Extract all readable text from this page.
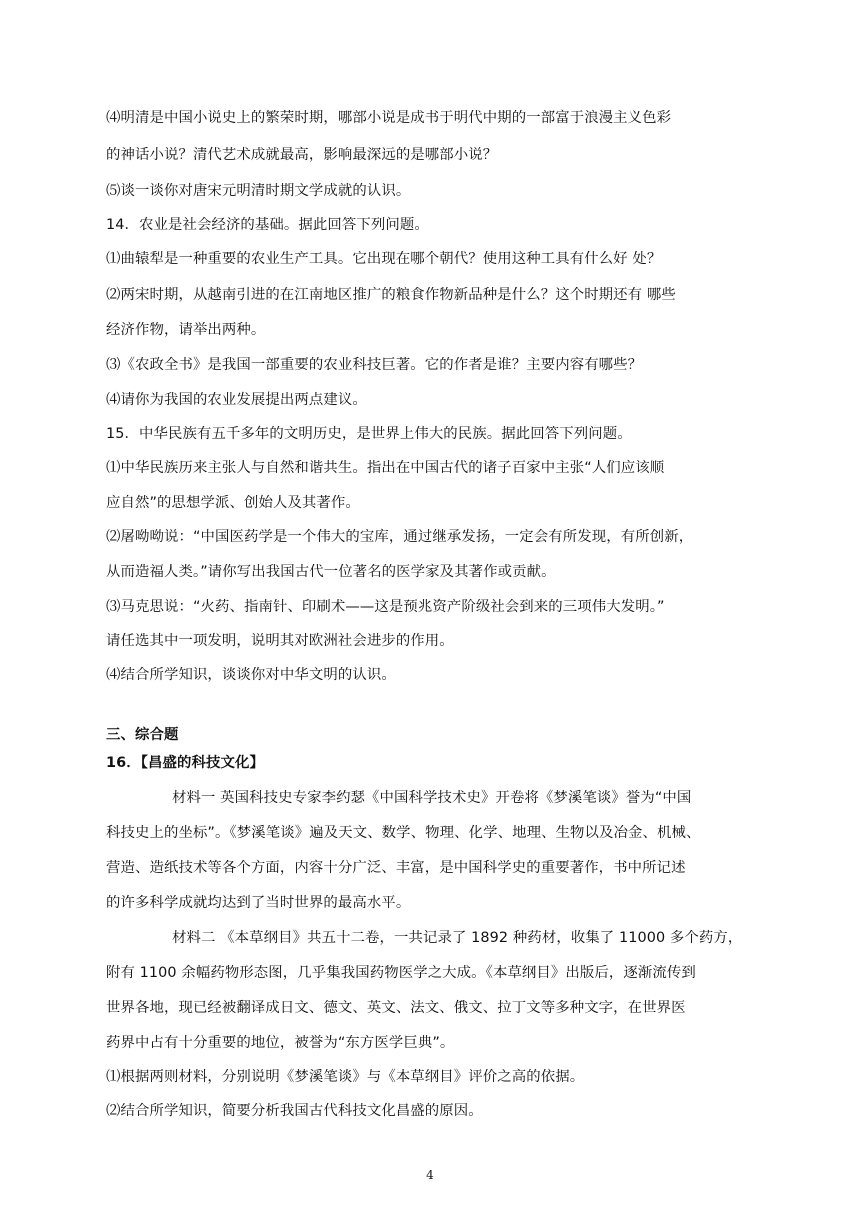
⑷明清是中国小说史上的繁荣时期，哪部小说是成书于明代中期的一部富于浪漫主义色彩

的神话小说？清代艺术成就最高，影响最深远的是哪部小说？

⑸谈一谈你对唐宋元明清时期文学成就的认识。

14．农业是社会经济的基础。据此回答下列问题。

⑴曲辕犁是一种重要的农业生产工具。它出现在哪个朝代？使用这种工具有什么好 处？

⑵两宋时期，从越南引进的在江南地区推广的粮食作物新品种是什么？这个时期还有 哪些

经济作物，请举出两种。

⑶《农政全书》是我国一部重要的农业科技巨著。它的作者是谁？主要内容有哪些？

⑷请你为我国的农业发展提出两点建议。

15．中华民族有五千多年的文明历史，是世界上伟大的民族。据此回答下列问题。

⑴中华民族历来主张人与自然和谐共生。指出在中国古代的诸子百家中主张“人们应该顺

应自然”的思想学派、创始人及其著作。

⑵屠呦呦说：“中国医药学是一个伟大的宝库，通过继承发扬，一定会有所发现，有所创新，

从而造福人类。”请你写出我国古代一位著名的医学家及其著作或贡献。

⑶马克思说：“火药、指南针、印刷术——这是预兆资产阶级社会到来的三项伟大发明。”

请任选其中一项发明，说明其对欧洲社会进步的作用。

⑷结合所学知识，谈谈你对中华文明的认识。

三、综合题

16．【昌盛的科技文化】

材料一 英国科技史专家李约瑟《中国科学技术史》开卷将《梦溪笔谈》誉为“中国

科技史上的坐标”。《梦溪笔谈》遍及天文、数学、物理、化学、地理、生物以及冶金、机械、

营造、造纸技术等各个方面，内容十分广泛、丰富，是中国科学史的重要著作，书中所记述

的许多科学成就均达到了当时世界的最高水平。

材料二 《本草纲目》共五十二卷，一共记录了 1892 种药材，收集了 11000 多个药方，

附有 1100 余幅药物形态图，几乎集我国药物医学之大成。《本草纲目》出版后，逐渐流传到

世界各地，现已经被翻译成日文、德文、英文、法文、俄文、拉丁文等多种文字，在世界医

药界中占有十分重要的地位，被誉为“东方医学巨典”。

⑴根据两则材料，分别说明《梦溪笔谈》与《本草纲目》评价之高的依据。

⑵结合所学知识，简要分析我国古代科技文化昌盛的原因。

4
